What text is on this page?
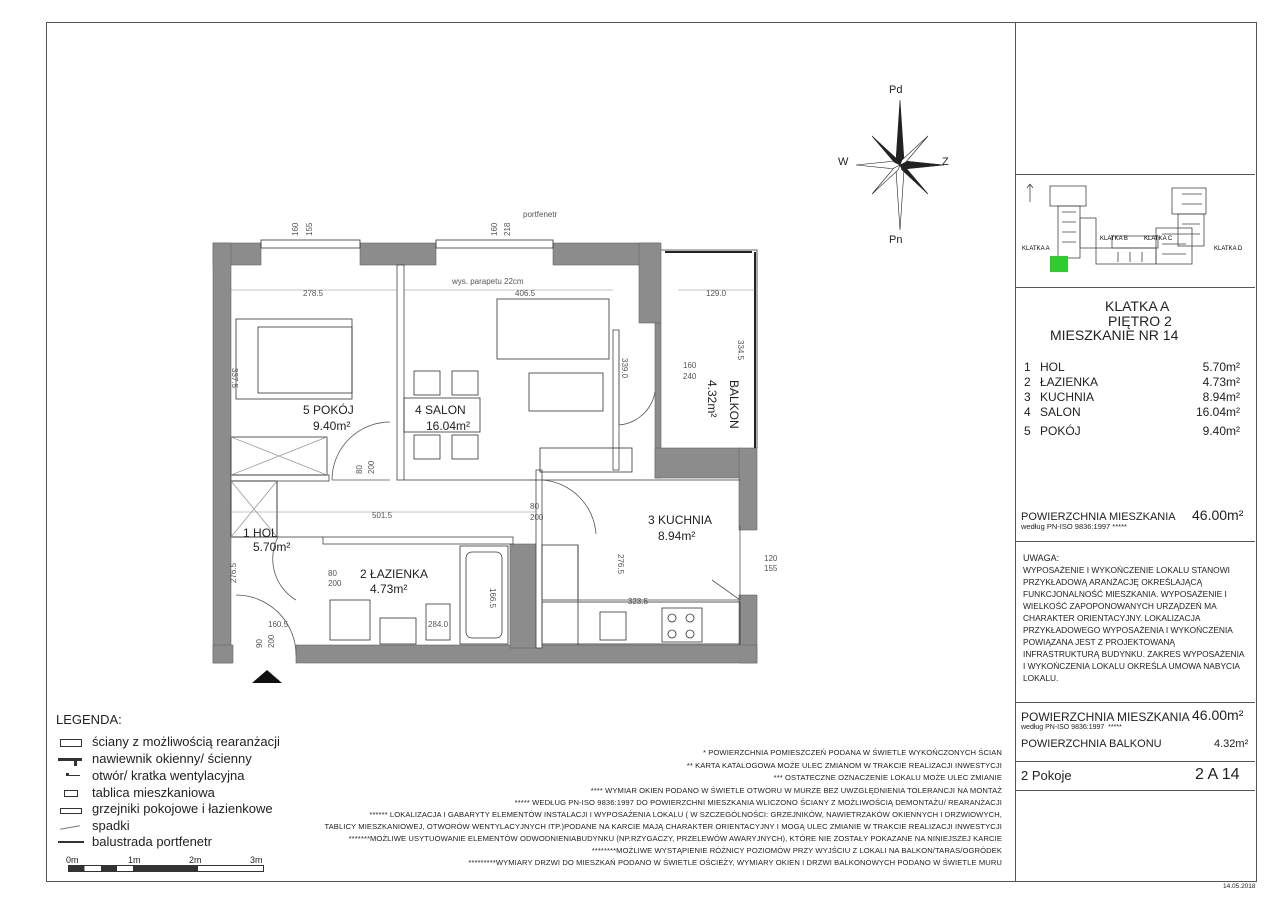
Pd
Pn
W	Z
KLATKA A
KLATKA B	KLATKA C
KLATKA D
KLATKA A
PIĘTRO 2
MIESZKANIE NR 14
1 HOL	5.70m²
2 ŁAZIENKA	4.73m²
3 KUCHNIA	8.94m²
4 SALON	16.04m²
5 POKÓJ	9.40m²
POWIERZCHNIA MIESZKANIA
według PN-ISO 9836:1997 *****
46.00m²
UWAGA:
WYPOSAŻENIE I WYKOŃCZENIE LOKALU STANOWI
PRZYKŁADOWĄ ARANŻACJĘ OKREŚLAJĄCĄ
FUNKCJONALNOŚĆ MIESZKANIA. WYPOSAŻENIE I
WIELKOŚĆ ZAPOPONOWANYCH URZĄDZEŃ MA
CHARAKTER ORIENTACYJNY. LOKALIZACJA
PRZYKŁADOWEGO WYPOSAŻENIA I WYKOŃCZENIA
POWIĄZANA JEST Z PROJEKTOWANĄ
INFRASTRUKTURĄ BUDYNKU. ZAKRES WYPOSAŻENIA
I WYKOŃCZENIA LOKALU OKREŚLA UMOWA NABYCIA
LOKALU.
POWIERZCHNIA MIESZKANIA
według PN-ISO 9836:1997 *****
46.00m²
POWIERZCHNIA BALKONU	4.32m²
2 Pokoje	2 A 14
14.05.2018
LEGENDA:
ściany z możliwością rearanżacji
nawiewnik okienny/ ścienny
otwór/ kratka wentylacyjna
tablica mieszkaniowa
grzejniki pokojowe i łazienkowe
spadki
balustrada portfenetr
0m	1m	2m	3m
* POWIERZCHNIA POMIESZCZEŃ PODANA W ŚWIETLE WYKOŃCZONYCH ŚCIAN
** KARTA KATALOGOWA MOŻE ULEC ZMIANOM W TRAKCIE REALIZACJI INWESTYCJI
*** OSTATECZNE OZNACZENIE LOKALU MOŻE ULEC ZMIANIE
**** WYMIAR OKIEN PODANO W ŚWIETLE OTWORU W MURZE BEZ UWZGLĘDNIENIA TOLERANCJI NA MONTAŻ
***** WEDŁUG PN-ISO 9836:1997 DO POWIERZCHNI MIESZKANIA WLICZONO ŚCIANY Z MOŻLIWOŚCIĄ DEMONTAŻU/ REARANŻACJI
****** LOKALIZACJA I GABARYTY ELEMENTÓW INSTALACJI I WYPOSAŻENIA LOKALU ( W SZCZEGÓLNOŚCI: GRZEJNIKÓW, NAWIETRZAKÓW OKIENNYCH I DRZWIOWYCH,
TABLICY MIESZKANIOWEJ, OTWORÓW WENTYLACYJNYCH ITP.)PODANE NA KARCIE MAJĄ CHARAKTER ORIENTACYJNY I MOGĄ ULEC ZMIANIE W TRAKCIE REALIZACJI INWESTYCJI
*******MOŻLIWE USYTUOWANIE ELEMENTÓW ODWODNIENIABUDYNKU (NP.RZYGACZY, PRZELEWÓW AWARYJNYCH), KTÓRE NIE ZOSTAŁY POKAZANE NA NINIEJSZEJ KARCIE
********MOŻLIWE WYSTĄPIENIE RÓŻNICY POZIOMÓW PRZY WYJŚCIU Z LOKALI NA BALKON/TARAS/OGRÓDEK
*********WYMIARY DRZWI DO MIESZKAŃ PODANO W ŚWIETLE OŚCIEŻY, WYMIARY OKIEN I DRZWI BALKONOWYCH PODANO W ŚWIETLE MURU
5 POKÓJ
9.40m²
4 SALON
16.04m²
3 KUCHNIA
8.94m²
1 HOL
5.70m²
2 ŁAZIENKA
4.73m²
BALKON
4.32m²
278.5	406.5	129.0
334.5
337.5	339.0
501.5
276.5	276.5
323.5
160.5	284.0
166.5
160 155	160 218
portfenetr
wys. parapetu 22cm
80 200
80
200
80
200
90 200
160
240
120
155
